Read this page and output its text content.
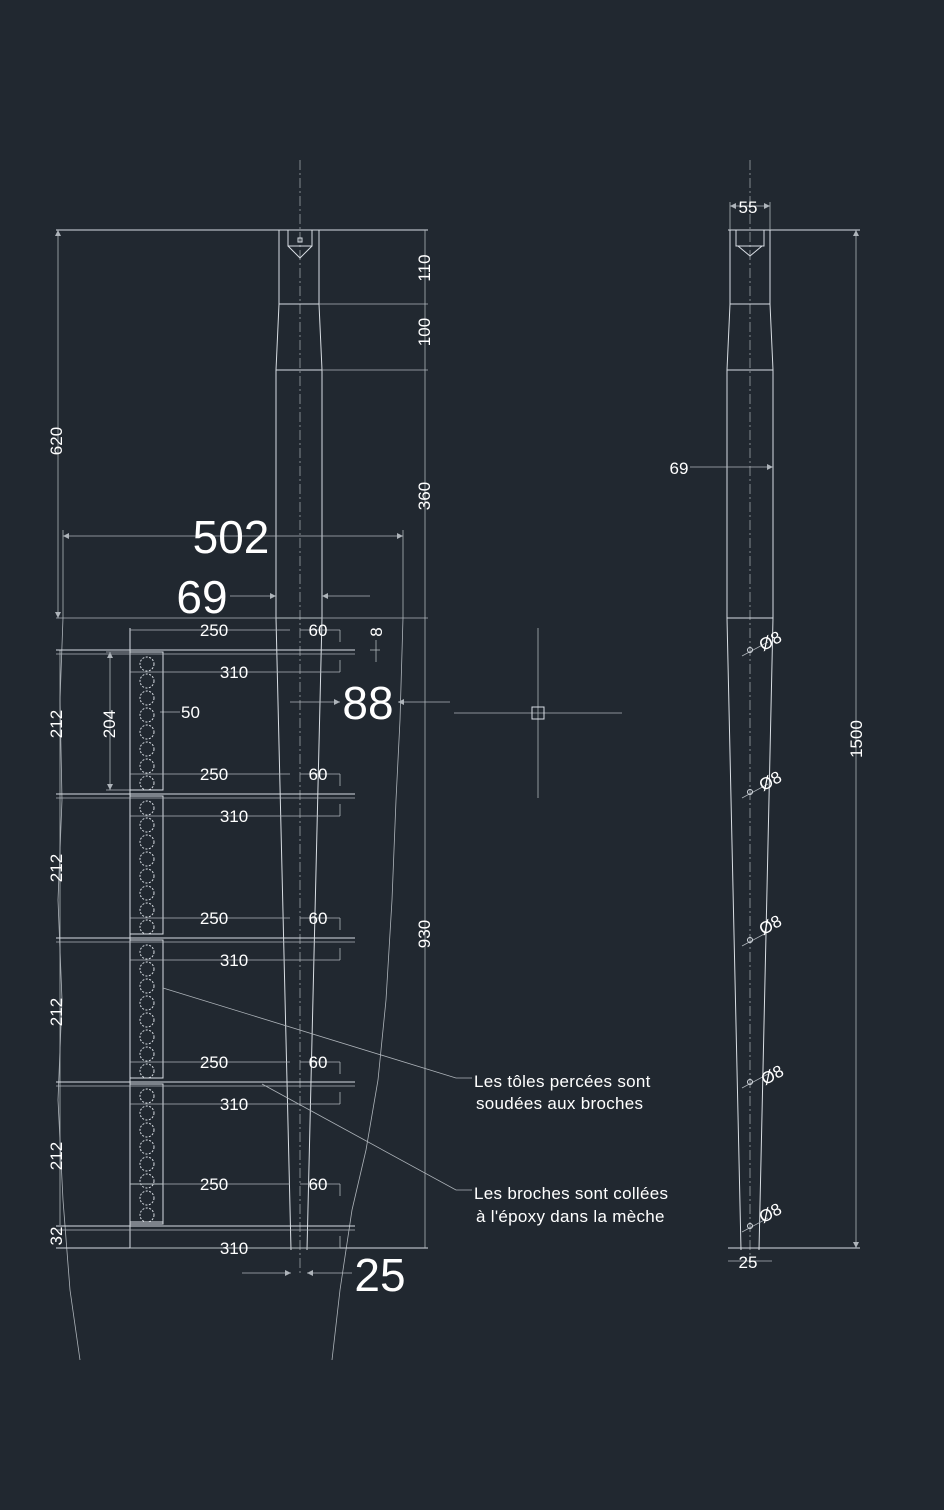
620
110
100
360
930
502
69
88
25
8
204	50
212
212
212
212
32
250	60
310
250	60
310
250	60
310
250	60
310
250	60
310
Les tôles percées sont
soudées aux broches
Les broches sont collées
à l'époxy dans la mèche
55
69
1500
25
Ø8
Ø8
Ø8
Ø8
Ø8
